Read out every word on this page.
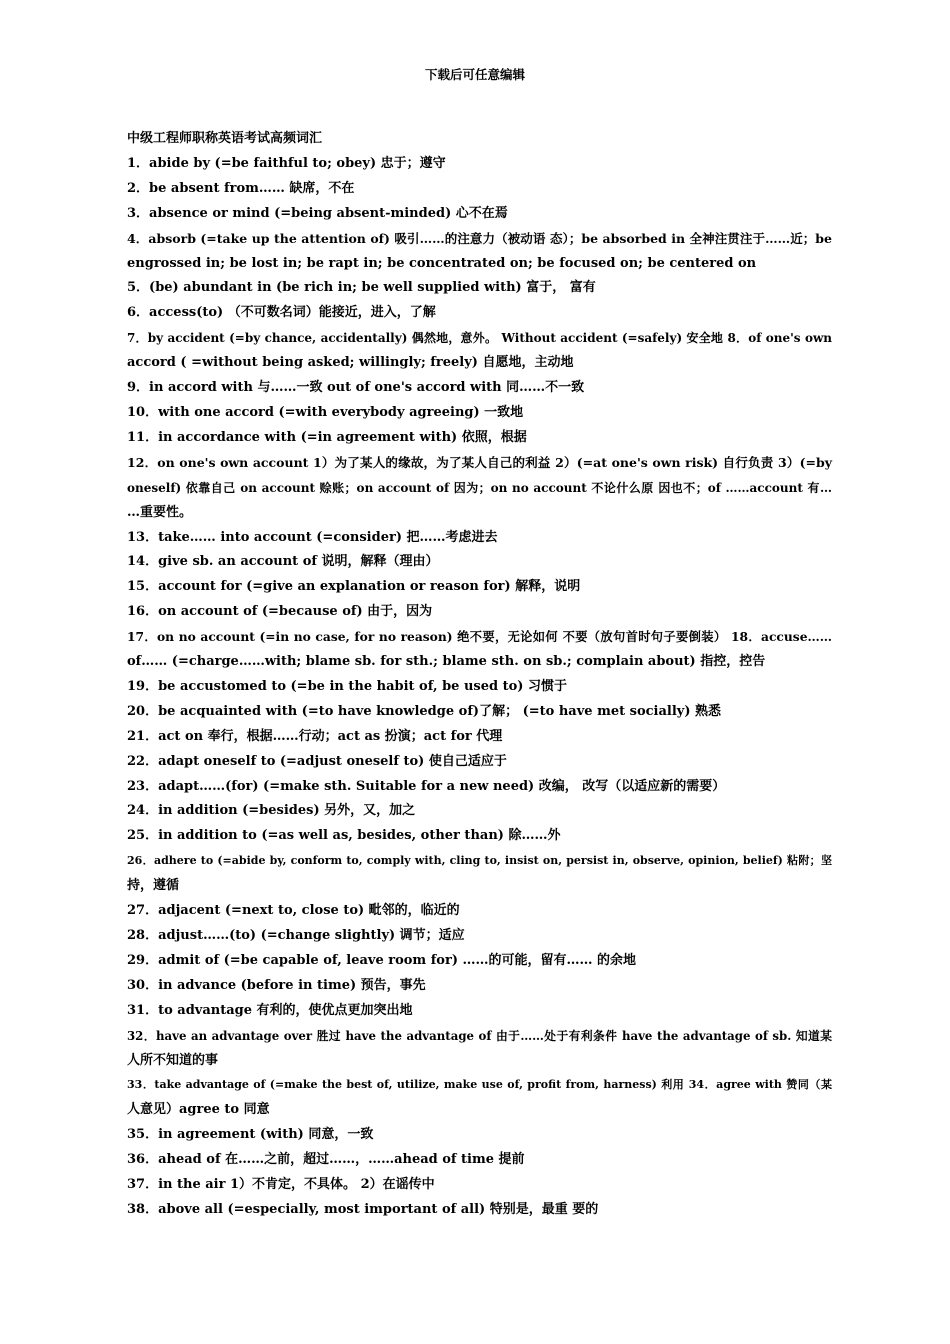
下载后可任意编辑
中级工程师职称英语考试高频词汇
1．abide by (=be faithful to; obey) 忠于；遵守
2．be absent from…… 缺席，不在
3．absence or mind (=being absent-minded) 心不在焉
4．absorb (=take up the attention of) 吸引……的注意力（被动语 态）；be absorbed in 全神注贯注于……近；be
engrossed in; be lost in; be rapt in; be concentrated on; be focused on; be centered on
5．(be) abundant in (be rich in; be well supplied with) 富于， 富有
6．access(to) （不可数名词）能接近，进入，了解
7．by accident (=by chance, accidentally) 偶然地，意外。 Without accident (=safely) 安全地 8．of one's own
accord ( =without being asked; willingly; freely) 自愿地，主动地
9．in accord with 与……一致 out of one's accord with 同……不一致
10．with one accord (=with everybody agreeing) 一致地
11．in accordance with (=in agreement with) 依照，根据
12．on one's own account 1）为了某人的缘故，为了某人自己的利益 2）(=at one's own risk) 自行负责 3）(=by
oneself) 依靠自己 on account 赊账；on account of 因为；on no account 不论什么原 因也不；of ……account 有…
…重要性。
13．take…… into account (=consider) 把……考虑进去
14．give sb. an account of 说明，解释（理由）
15．account for (=give an explanation or reason for) 解释，说明
16．on account of (=because of) 由于，因为
17．on no account (=in no case, for no reason) 绝不要，无论如何 不要（放句首时句子要倒装） 18．accuse……
of…… (=charge……with; blame sb. for sth.; blame sth. on sb.; complain about) 指控，控告
19．be accustomed to (=be in the habit of, be used to) 习惯于
20．be acquainted with (=to have knowledge of)了解； (=to have met socially) 熟悉
21．act on 奉行，根据……行动；act as 扮演；act for 代理
22．adapt oneself to (=adjust oneself to) 使自己适应于
23．adapt……(for) (=make sth. Suitable for a new need) 改编， 改写（以适应新的需要）
24．in addition (=besides) 另外，又，加之
25．in addition to (=as well as, besides, other than) 除……外
26．adhere to (=abide by, conform to, comply with, cling to, insist on, persist in, observe, opinion, belief) 粘附；坚
持，遵循
27．adjacent (=next to, close to) 毗邻的，临近的
28．adjust……(to) (=change slightly) 调节；适应
29．admit of (=be capable of, leave room for) ……的可能，留有…… 的余地
30．in advance (before in time) 预告，事先
31．to advantage 有利的，使优点更加突出地
32．have an advantage over 胜过 have the advantage of 由于……处于有利条件 have the advantage of sb. 知道某
人所不知道的事
33．take advantage of (=make the best of, utilize, make use of, profit from, harness) 利用 34．agree with 赞同（某
人意见）agree to 同意
35．in agreement (with) 同意，一致
36．ahead of 在……之前，超过……，……ahead of time 提前
37．in the air 1）不肯定，不具体。 2）在谣传中
38．above all (=especially, most important of all) 特别是，最重 要的
